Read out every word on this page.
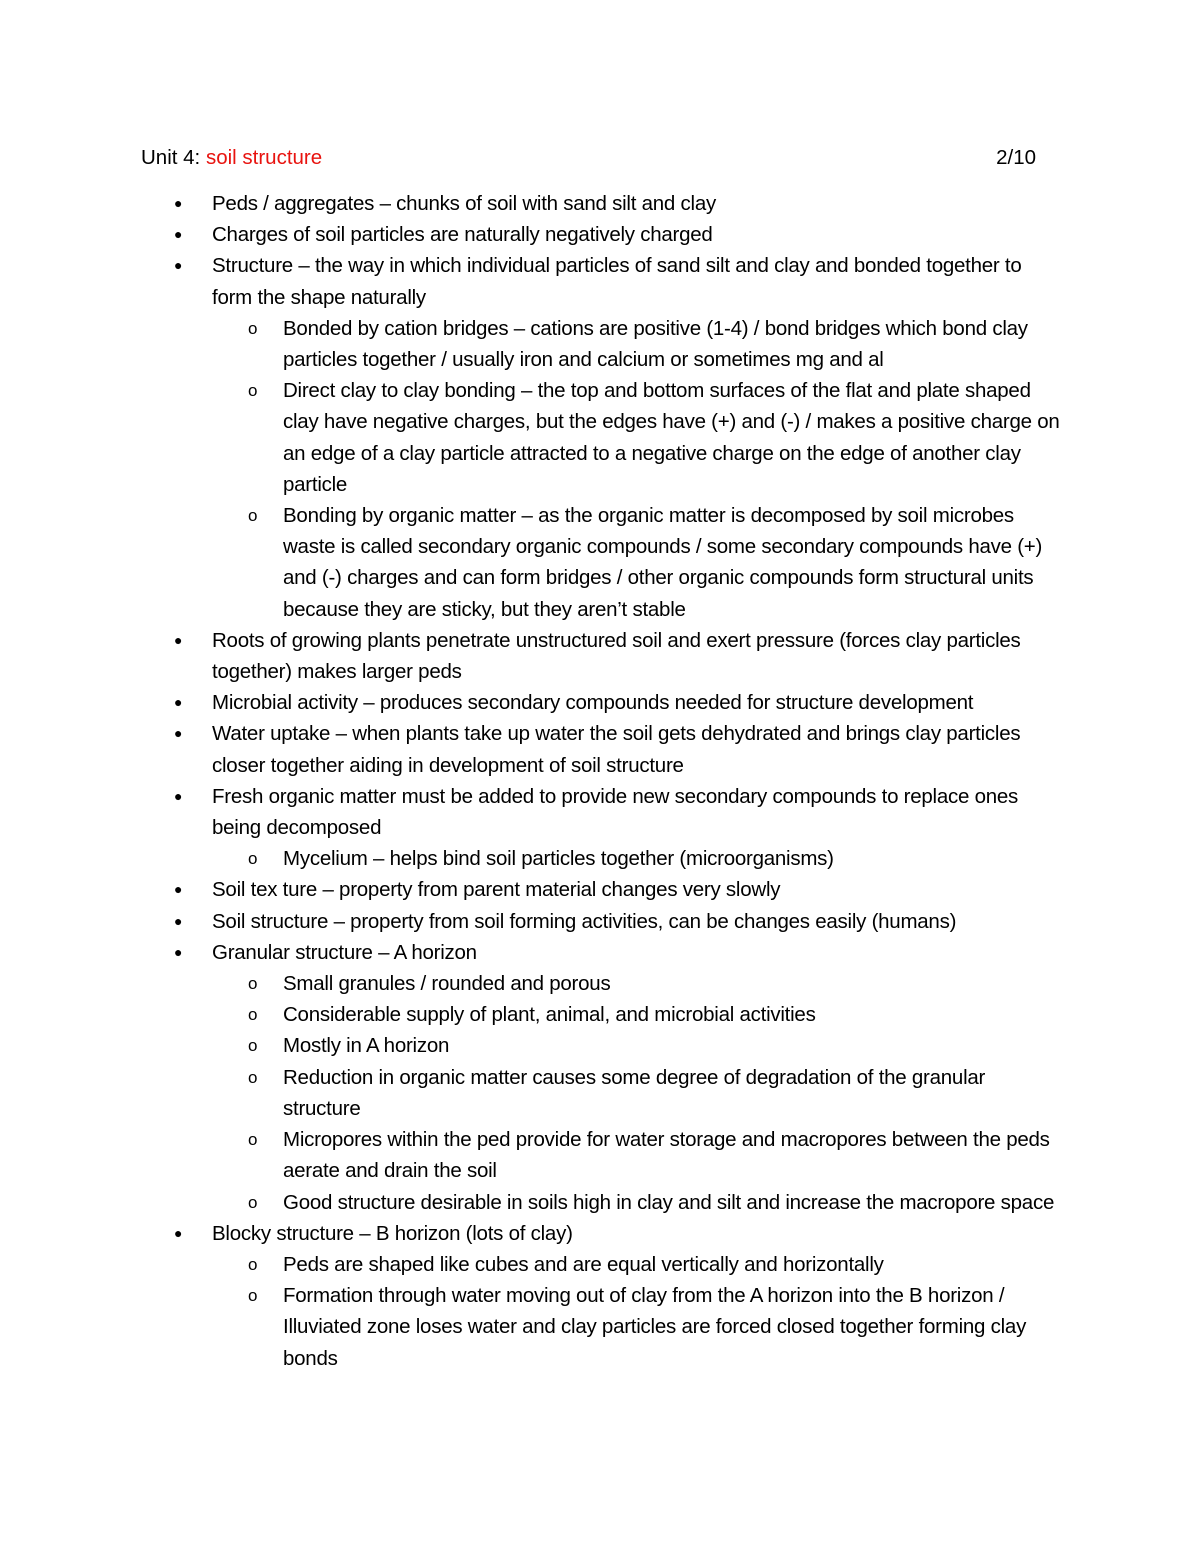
Unit 4: soil structure	2/10
● Peds / aggregates – chunks of soil with sand silt and clay
● Charges of soil particles are naturally negatively charged
● Structure – the way in which individual particles of sand silt and clay and bonded together to form the shape naturally
o Bonded by cation bridges – cations are positive (1-4) / bond bridges which bond clay particles together / usually iron and calcium or sometimes mg and al
o Direct clay to clay bonding – the top and bottom surfaces of the flat and plate shaped clay have negative charges, but the edges have (+) and (-) / makes a positive charge on an edge of a clay particle attracted to a negative charge on the edge of another clay particle
o Bonding by organic matter – as the organic matter is decomposed by soil microbes waste is called secondary organic compounds / some secondary compounds have (+) and (-) charges and can form bridges / other organic compounds form structural units because they are sticky, but they aren’t stable
● Roots of growing plants penetrate unstructured soil and exert pressure (forces clay particles together) makes larger peds
● Microbial activity – produces secondary compounds needed for structure development
● Water uptake – when plants take up water the soil gets dehydrated and brings clay particles closer together aiding in development of soil structure
● Fresh organic matter must be added to provide new secondary compounds to replace ones being decomposed
o Mycelium – helps bind soil particles together (microorganisms)
● Soil tex ture – property from parent material changes very slowly
● Soil structure – property from soil forming activities, can be changes easily (humans)
● Granular structure – A horizon
o Small granules / rounded and porous
o Considerable supply of plant, animal, and microbial activities
o Mostly in A horizon
o Reduction in organic matter causes some degree of degradation of the granular structure
o Micropores within the ped provide for water storage and macropores between the peds aerate and drain the soil
o Good structure desirable in soils high in clay and silt and increase the macropore space
● Blocky structure – B horizon (lots of clay)
o Peds are shaped like cubes and are equal vertically and horizontally
o Formation through water moving out of clay from the A horizon into the B horizon / Illuviated zone loses water and clay particles are forced closed together forming clay bonds
